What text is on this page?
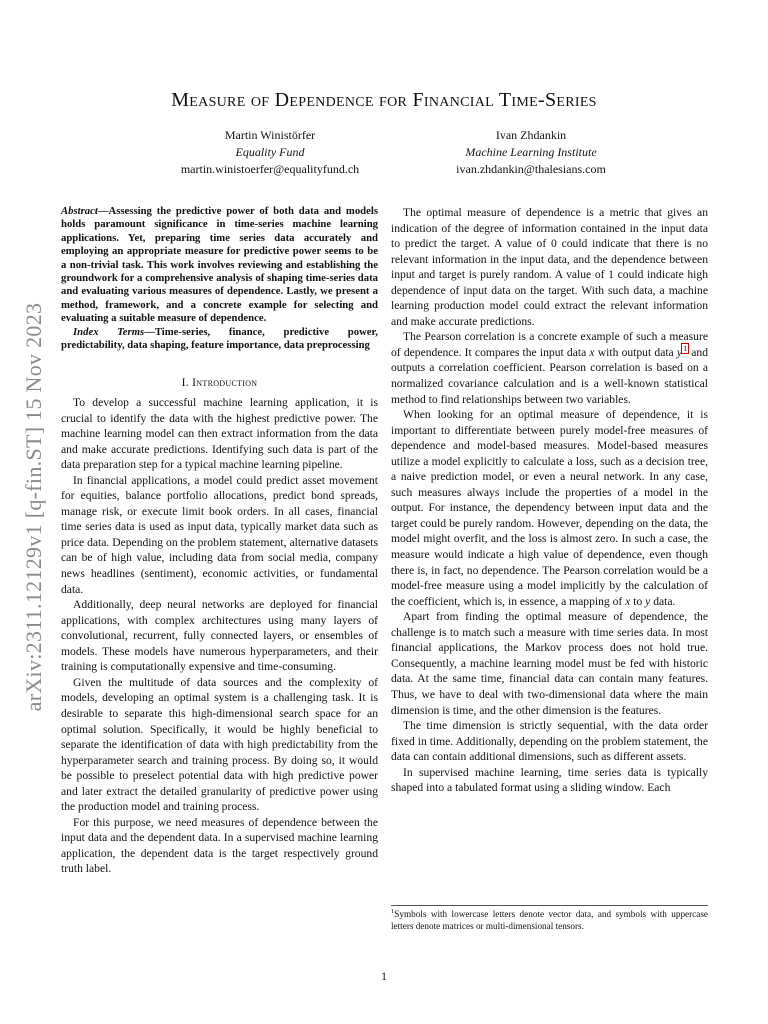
arXiv:2311.12129v1 [q-fin.ST] 15 Nov 2023
Measure of Dependence for Financial Time-Series
Martin Winistörfer
Equality Fund
martin.winistoerfer@equalityfund.ch
Ivan Zhdankin
Machine Learning Institute
ivan.zhdankin@thalesians.com

Abstract—Assessing the predictive power of both data and models holds paramount significance in time-series machine learning applications. Yet, preparing time series data accurately and employing an appropriate measure for predictive power seems to be a non-trivial task. This work involves reviewing and establishing the groundwork for a comprehensive analysis of shaping time-series data and evaluating various measures of dependence. Lastly, we present a method, framework, and a concrete example for selecting and evaluating a suitable measure of dependence.

Index Terms—Time-series, finance, predictive power, predictability, data shaping, feature importance, data preprocessing

I. Introduction

To develop a successful machine learning application, it is crucial to identify the data with the highest predictive power. The machine learning model can then extract information from the data and make accurate predictions. Identifying such data is part of the data preparation step for a typical machine learning pipeline.

In financial applications, a model could predict asset movement for equities, balance portfolio allocations, predict bond spreads, manage risk, or execute limit book orders. In all cases, financial time series data is used as input data, typically market data such as price data. Depending on the problem statement, alternative datasets can be of high value, including data from social media, company news headlines (sentiment), economic activities, or fundamental data.

Additionally, deep neural networks are deployed for financial applications, with complex architectures using many layers of convolutional, recurrent, fully connected layers, or ensembles of models. These models have numerous hyperparameters, and their training is computationally expensive and time-consuming.

Given the multitude of data sources and the complexity of models, developing an optimal system is a challenging task. It is desirable to separate this high-dimensional search space for an optimal solution. Specifically, it would be highly beneficial to separate the identification of data with high predictability from the hyperparameter search and training process. By doing so, it would be possible to preselect potential data with high predictive power and later extract the detailed granularity of predictive power using the production model and training process.

For this purpose, we need measures of dependence between the input data and the dependent data. In a supervised machine learning application, the dependent data is the target respectively ground truth label.

The optimal measure of dependence is a metric that gives an indication of the degree of information contained in the input data to predict the target. A value of 0 could indicate that there is no relevant information in the input data, and the dependence between input and target is purely random. A value of 1 could indicate high dependence of input data on the target. With such data, a machine learning production model could extract the relevant information and make accurate predictions.

The Pearson correlation is a concrete example of such a measure of dependence. It compares the input data x with output data y$^1$ and outputs a correlation coefficient. Pearson correlation is based on a normalized covariance calculation and is a well-known statistical method to find relationships between two variables.

When looking for an optimal measure of dependence, it is important to differentiate between purely model-free measures of dependence and model-based measures. Model-based measures utilize a model explicitly to calculate a loss, such as a decision tree, a naive prediction model, or even a neural network. In any case, such measures always include the properties of a model in the output. For instance, the dependency between input data and the target could be purely random. However, depending on the data, the model might overfit, and the loss is almost zero. In such a case, the measure would indicate a high value of dependence, even though there is, in fact, no dependence. The Pearson correlation would be a model-free measure using a model implicitly by the calculation of the coefficient, which is, in essence, a mapping of x to y data.

Apart from finding the optimal measure of dependence, the challenge is to match such a measure with time series data. In most financial applications, the Markov process does not hold true. Consequently, a machine learning model must be fed with historic data. At the same time, financial data can contain many features. Thus, we have to deal with two-dimensional data where the main dimension is time, and the other dimension is the features.

The time dimension is strictly sequential, with the data order fixed in time. Additionally, depending on the problem statement, the data can contain additional dimensions, such as different assets.

In supervised machine learning, time series data is typically shaped into a tabulated format using a sliding window. Each

$^1$Symbols with lowercase letters denote vector data, and symbols with uppercase letters denote matrices or multi-dimensional tensors.
1
